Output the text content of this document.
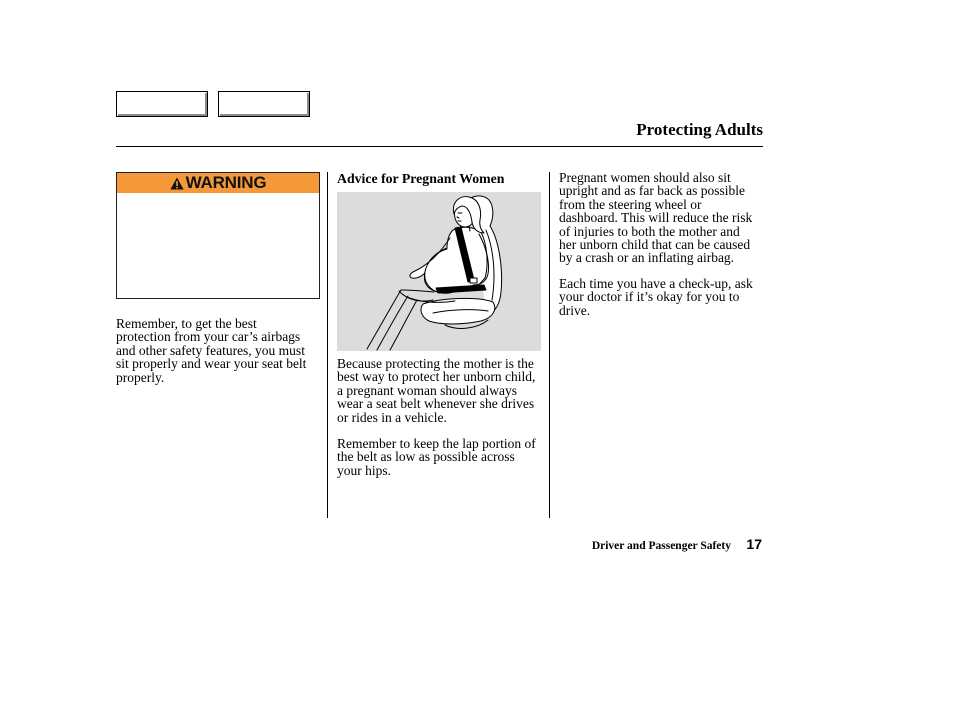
Protecting Adults
WARNING
Remember, to get the best
protection from your car’s airbags
and other safety features, you must
sit properly and wear your seat belt
properly.
Advice for Pregnant Women
Because protecting the mother is the
best way to protect her unborn child,
a pregnant woman should always
wear a seat belt whenever she drives
or rides in a vehicle.
Remember to keep the lap portion of
the belt as low as possible across
your hips.
Pregnant women should also sit
upright and as far back as possible
from the steering wheel or
dashboard. This will reduce the risk
of injuries to both the mother and
her unborn child that can be caused
by a crash or an inflating airbag.
Each time you have a check-up, ask
your doctor if it’s okay for you to
drive.
Driver and Passenger Safety 17
